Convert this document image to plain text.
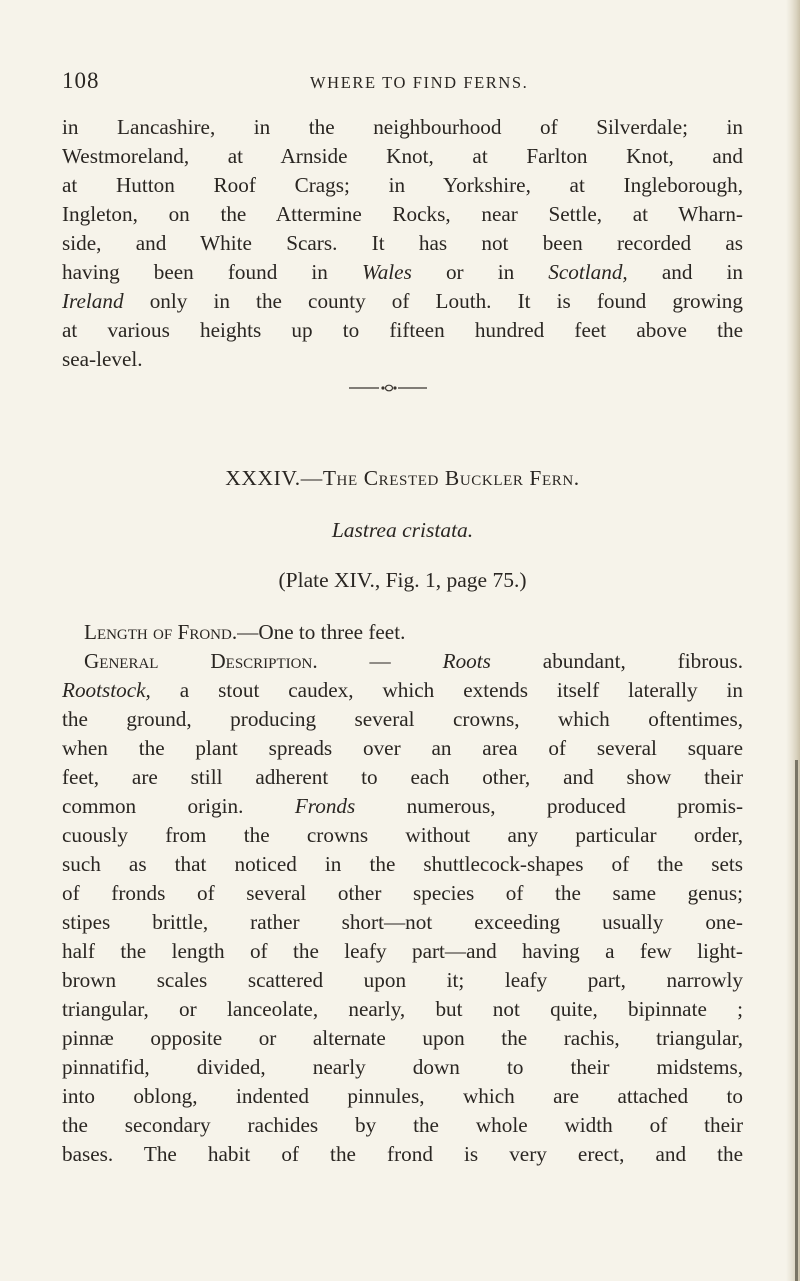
108	WHERE TO FIND FERNS.
in Lancashire, in the neighbourhood of Silverdale; in
Westmoreland, at Arnside Knot, at Farlton Knot, and
at Hutton Roof Crags; in Yorkshire, at Ingleborough,
Ingleton, on the Attermine Rocks, near Settle, at Wharn-
side, and White Scars. It has not been recorded as
having been found in Wales or in Scotland, and in
Ireland only in the county of Louth. It is found growing
at various heights up to fifteen hundred feet above the
sea-level.
XXXIV.—The Crested Buckler Fern.
Lastrea cristata.
(Plate XIV., Fig. 1, page 75.)
Length of Frond.—One to three feet.
General Description. — Roots abundant, fibrous.
Rootstock, a stout caudex, which extends itself laterally in
the ground, producing several crowns, which oftentimes,
when the plant spreads over an area of several square
feet, are still adherent to each other, and show their
common origin. Fronds numerous, produced promis-
cuously from the crowns without any particular order,
such as that noticed in the shuttlecock-shapes of the sets
of fronds of several other species of the same genus;
stipes brittle, rather short—not exceeding usually one-
half the length of the leafy part—and having a few light-
brown scales scattered upon it; leafy part, narrowly
triangular, or lanceolate, nearly, but not quite, bipinnate ;
pinnæ opposite or alternate upon the rachis, triangular,
pinnatifid, divided, nearly down to their midstems,
into oblong, indented pinnules, which are attached to
the secondary rachides by the whole width of their
bases. The habit of the frond is very erect, and the
